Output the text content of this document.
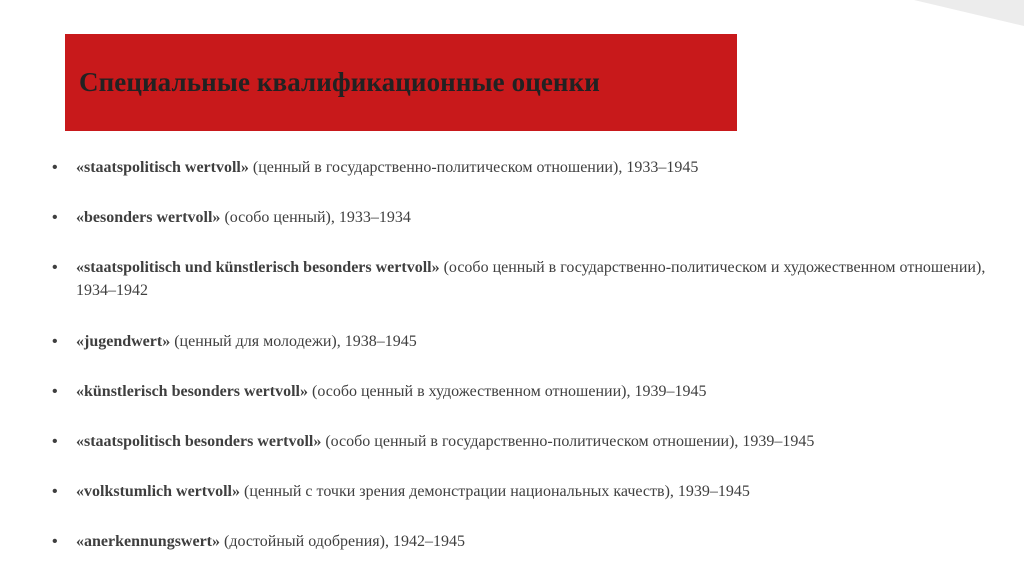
Специальные квалификационные оценки
• «staatspolitisch wertvoll» (ценный в государственно-политическом отношении), 1933–1945
• «besonders wertvoll» (особо ценный), 1933–1934
• «staatspolitisch und künstlerisch besonders wertvoll» (особо ценный в государственно-политическом и художественном отношении), 1934–1942
• «jugendwert» (ценный для молодежи), 1938–1945
• «künstlerisch besonders wertvoll» (особо ценный в художественном отношении), 1939–1945
• «staatspolitisch besonders wertvoll» (особо ценный в государственно-политическом отношении), 1939–1945
• «volkstumlich wertvoll» (ценный с точки зрения демонстрации национальных качеств), 1939–1945
• «anerkennungswert» (достойный одобрения), 1942–1945
